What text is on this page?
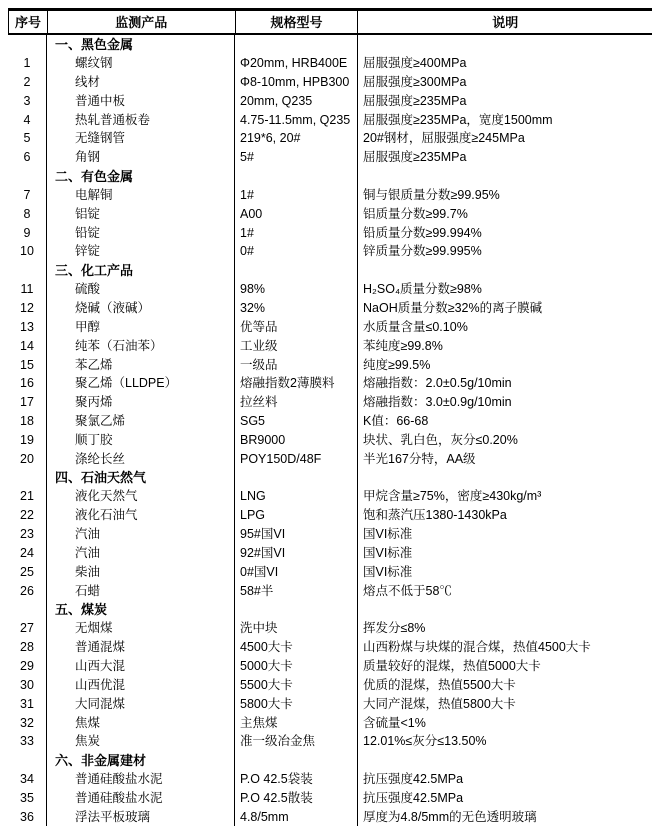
序号	监测产品	规格型号	说明
一、黑色金属
1	螺纹钢	Φ20mm, HRB400E	屈服强度≥400MPa
2	线材	Φ8-10mm, HPB300	屈服强度≥300MPa
3	普通中板	20mm, Q235	屈服强度≥235MPa
4	热轧普通板卷	4.75-11.5mm, Q235	屈服强度≥235MPa，宽度1500mm
5	无缝钢管	219*6, 20#	20#钢材，屈服强度≥245MPa
6	角钢	5#	屈服强度≥235MPa
二、有色金属
7	电解铜	1#	铜与银质量分数≥99.95%
8	铝锭	A00	铝质量分数≥99.7%
9	铅锭	1#	铅质量分数≥99.994%
10	锌锭	0#	锌质量分数≥99.995%
三、化工产品
11	硫酸	98%	H₂SO₄质量分数≥98%
12	烧碱（液碱）	32%	NaOH质量分数≥32%的离子膜碱
13	甲醇	优等品	水质量含量≤0.10%
14	纯苯（石油苯）	工业级	苯纯度≥99.8%
15	苯乙烯	一级品	纯度≥99.5%
16	聚乙烯（LLDPE）	熔融指数2薄膜料	熔融指数：2.0±0.5g/10min
17	聚丙烯	拉丝料	熔融指数：3.0±0.9g/10min
18	聚氯乙烯	SG5	K值：66-68
19	顺丁胶	BR9000	块状、乳白色，灰分≤0.20%
20	涤纶长丝	POY150D/48F	半光167分特，AA级
四、石油天然气
21	液化天然气	LNG	甲烷含量≥75%，密度≥430kg/m³
22	液化石油气	LPG	饱和蒸汽压1380-1430kPa
23	汽油	95#国VI	国VI标准
24	汽油	92#国VI	国VI标准
25	柴油	0#国VI	国VI标准
26	石蜡	58#半	熔点不低于58℃
五、煤炭
27	无烟煤	洗中块	挥发分≤8%
28	普通混煤	4500大卡	山西粉煤与块煤的混合煤，热值4500大卡
29	山西大混	5000大卡	质量较好的混煤，热值5000大卡
30	山西优混	5500大卡	优质的混煤，热值5500大卡
31	大同混煤	5800大卡	大同产混煤，热值5800大卡
32	焦煤	主焦煤	含硫量<1%
33	焦炭	准一级冶金焦	12.01%≤灰分≤13.50%
六、非金属建材
34	普通硅酸盐水泥	P.O 42.5袋装	抗压强度42.5MPa
35	普通硅酸盐水泥	P.O 42.5散装	抗压强度42.5MPa
36	浮法平板玻璃	4.8/5mm	厚度为4.8/5mm的无色透明玻璃
